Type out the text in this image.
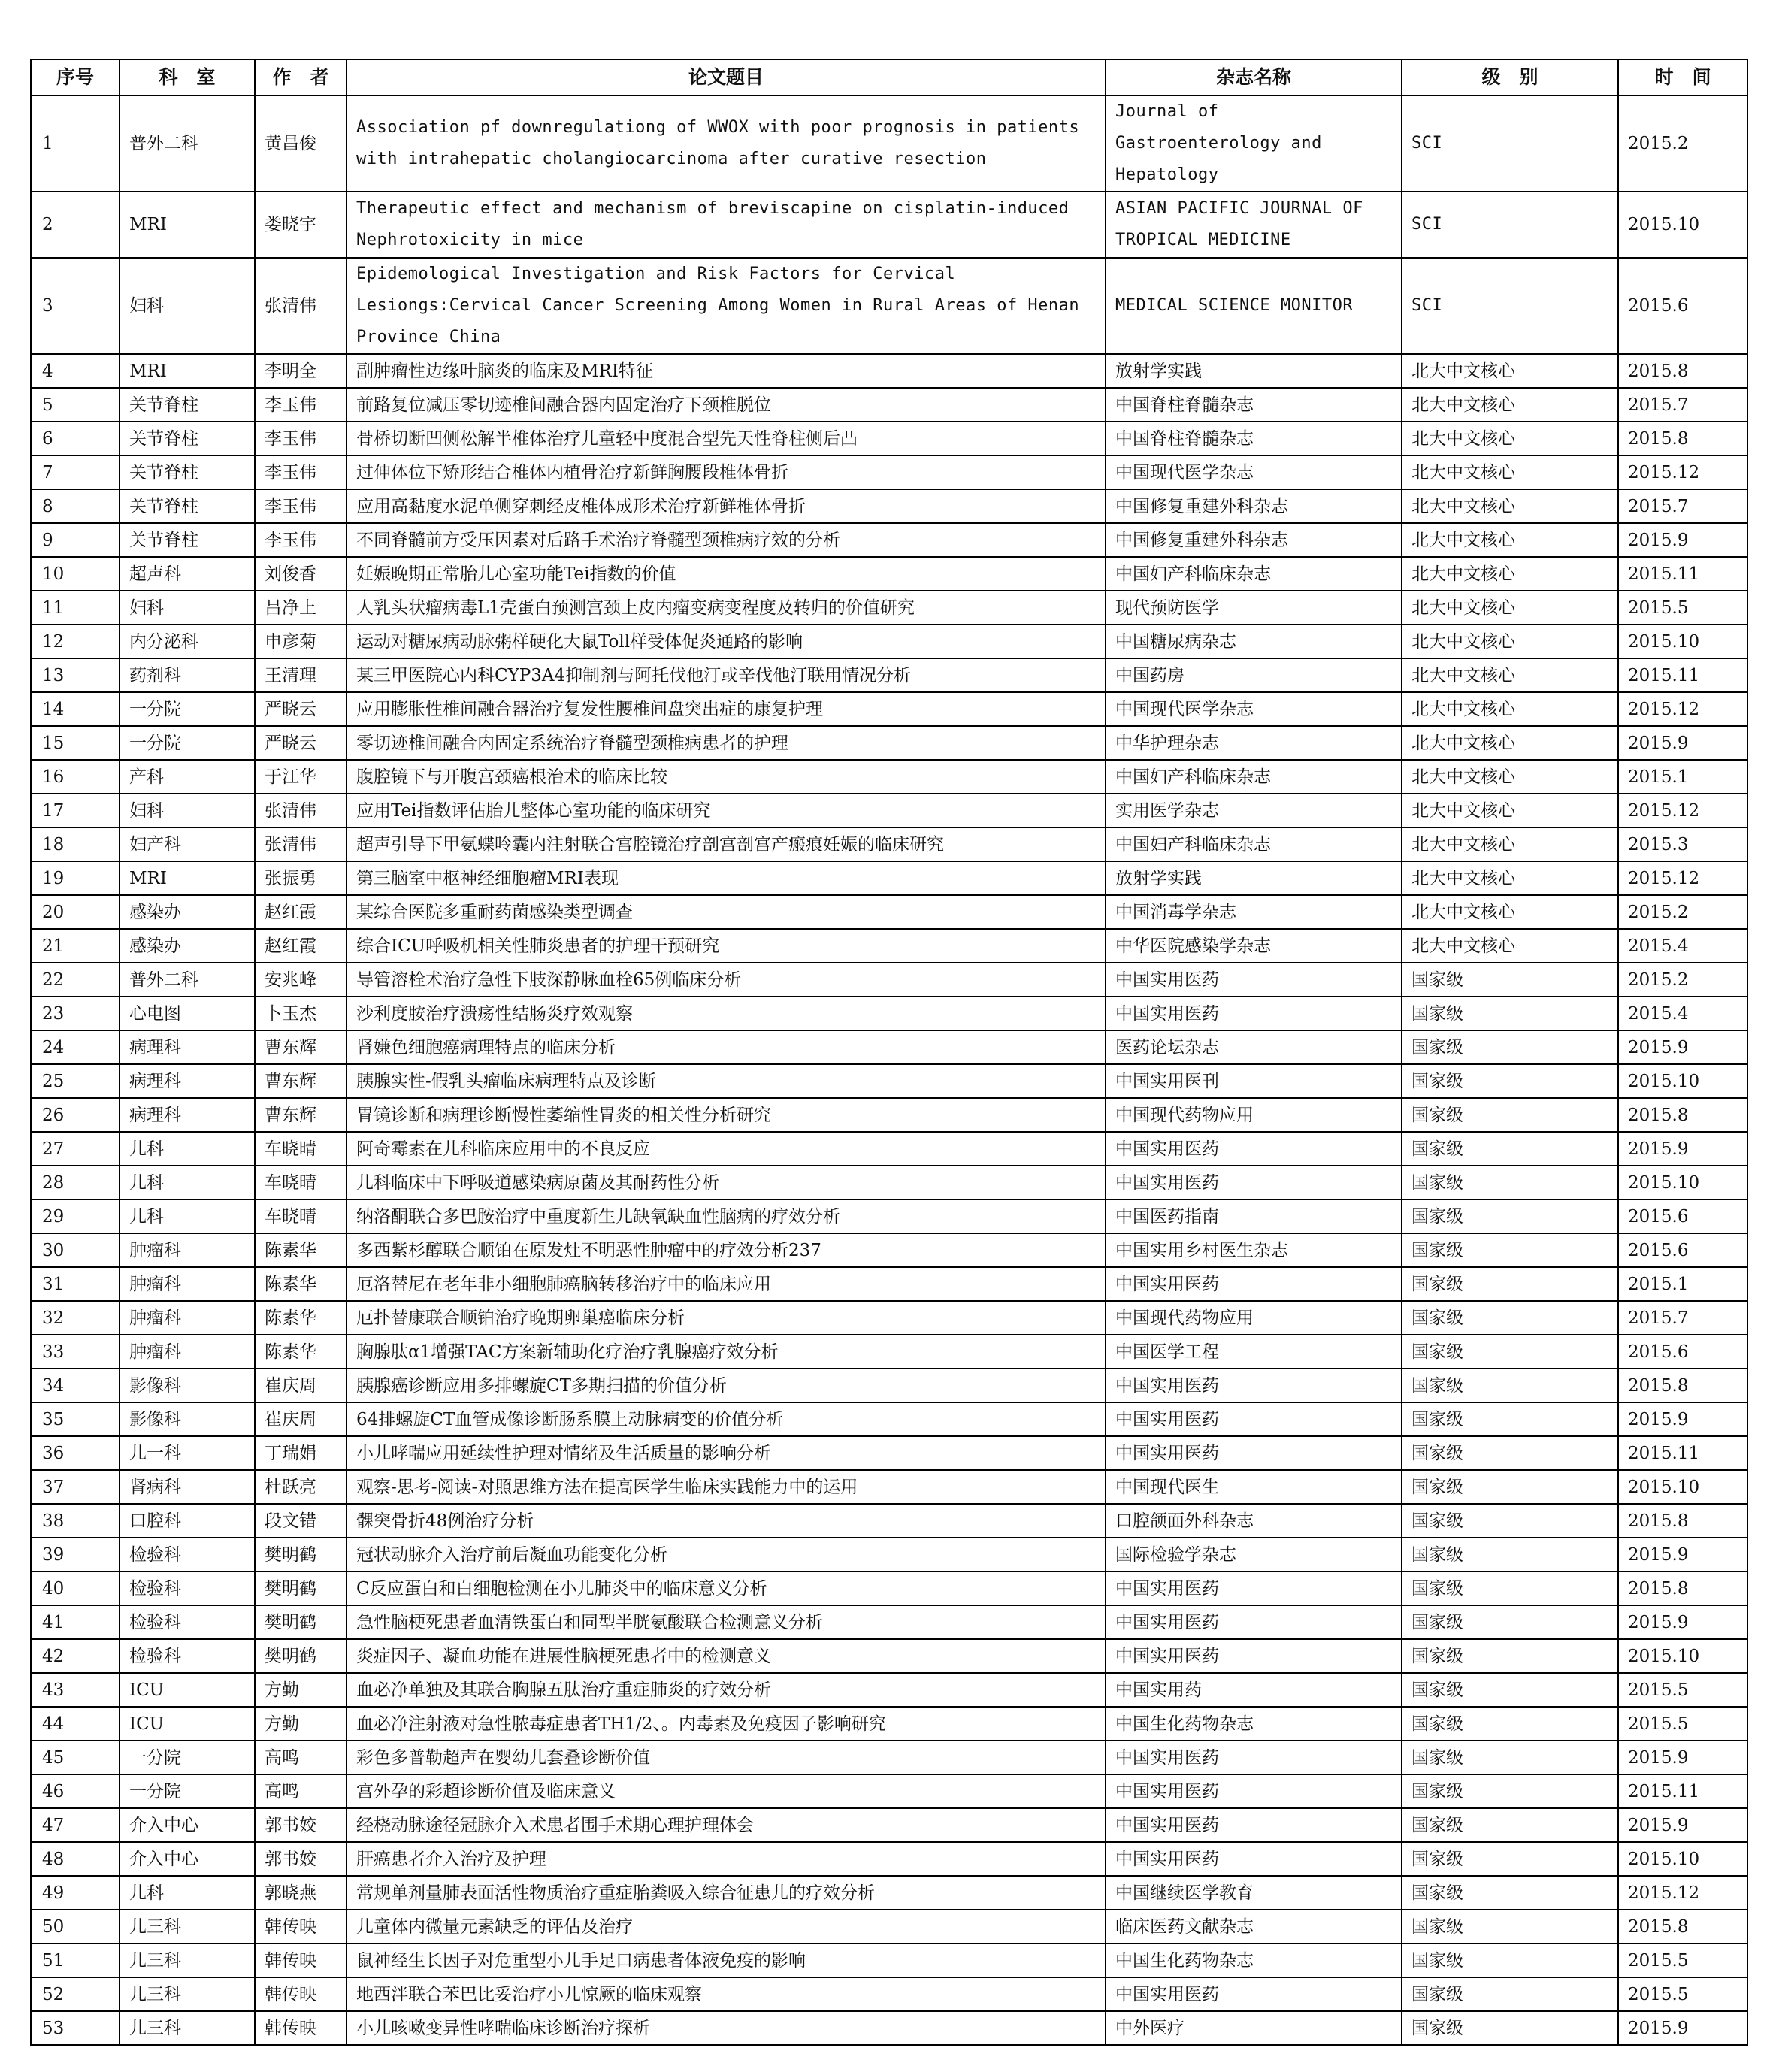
序号	科　室	作　者	论文题目	杂志名称	级　别	时　间
1	普外二科	黄昌俊	Association pf downregulationg of WWOX with poor prognosis in patients with intrahepatic cholangiocarcinoma after curative resection	Journal of Gastroenterology and Hepatology	SCI	2015.2
2	MRI	娄晓宇	Therapeutic effect and mechanism of breviscapine on cisplatin-induced Nephrotoxicity in mice	ASIAN PACIFIC JOURNAL OF TROPICAL MEDICINE	SCI	2015.10
3	妇科	张清伟	Epidemological Investigation and Risk Factors for Cervical Lesiongs:Cervical Cancer Screening Among Women in Rural Areas of Henan Province China	MEDICAL SCIENCE MONITOR	SCI	2015.6
4	MRI	李明全	副肿瘤性边缘叶脑炎的临床及MRI特征	放射学实践	北大中文核心	2015.8
5	关节脊柱	李玉伟	前路复位减压零切迹椎间融合器内固定治疗下颈椎脱位	中国脊柱脊髓杂志	北大中文核心	2015.7
6	关节脊柱	李玉伟	骨桥切断凹侧松解半椎体治疗儿童轻中度混合型先天性脊柱侧后凸	中国脊柱脊髓杂志	北大中文核心	2015.8
7	关节脊柱	李玉伟	过伸体位下矫形结合椎体内植骨治疗新鲜胸腰段椎体骨折	中国现代医学杂志	北大中文核心	2015.12
8	关节脊柱	李玉伟	应用高黏度水泥单侧穿刺经皮椎体成形术治疗新鲜椎体骨折	中国修复重建外科杂志	北大中文核心	2015.7
9	关节脊柱	李玉伟	不同脊髓前方受压因素对后路手术治疗脊髓型颈椎病疗效的分析	中国修复重建外科杂志	北大中文核心	2015.9
10	超声科	刘俊香	妊娠晚期正常胎儿心室功能Tei指数的价值	中国妇产科临床杂志	北大中文核心	2015.11
11	妇科	吕净上	人乳头状瘤病毒L1壳蛋白预测宫颈上皮内瘤变病变程度及转归的价值研究	现代预防医学	北大中文核心	2015.5
12	内分泌科	申彦菊	运动对糖尿病动脉粥样硬化大鼠Toll样受体促炎通路的影响	中国糖尿病杂志	北大中文核心	2015.10
13	药剂科	王清理	某三甲医院心内科CYP3A4抑制剂与阿托伐他汀或辛伐他汀联用情况分析	中国药房	北大中文核心	2015.11
14	一分院	严晓云	应用膨胀性椎间融合器治疗复发性腰椎间盘突出症的康复护理	中国现代医学杂志	北大中文核心	2015.12
15	一分院	严晓云	零切迹椎间融合内固定系统治疗脊髓型颈椎病患者的护理	中华护理杂志	北大中文核心	2015.9
16	产科	于江华	腹腔镜下与开腹宫颈癌根治术的临床比较	中国妇产科临床杂志	北大中文核心	2015.1
17	妇科	张清伟	应用Tei指数评估胎儿整体心室功能的临床研究	实用医学杂志	北大中文核心	2015.12
18	妇产科	张清伟	超声引导下甲氨蝶呤囊内注射联合宫腔镜治疗剖宫剖宫产瘢痕妊娠的临床研究	中国妇产科临床杂志	北大中文核心	2015.3
19	MRI	张振勇	第三脑室中枢神经细胞瘤MRI表现	放射学实践	北大中文核心	2015.12
20	感染办	赵红霞	某综合医院多重耐药菌感染类型调查	中国消毒学杂志	北大中文核心	2015.2
21	感染办	赵红霞	综合ICU呼吸机相关性肺炎患者的护理干预研究	中华医院感染学杂志	北大中文核心	2015.4
22	普外二科	安兆峰	导管溶栓术治疗急性下肢深静脉血栓65例临床分析	中国实用医药	国家级	2015.2
23	心电图	卜玉杰	沙利度胺治疗溃疡性结肠炎疗效观察	中国实用医药	国家级	2015.4
24	病理科	曹东辉	肾嫌色细胞癌病理特点的临床分析	医药论坛杂志	国家级	2015.9
25	病理科	曹东辉	胰腺实性-假乳头瘤临床病理特点及诊断	中国实用医刊	国家级	2015.10
26	病理科	曹东辉	胃镜诊断和病理诊断慢性萎缩性胃炎的相关性分析研究	中国现代药物应用	国家级	2015.8
27	儿科	车晓晴	阿奇霉素在儿科临床应用中的不良反应	中国实用医药	国家级	2015.9
28	儿科	车晓晴	儿科临床中下呼吸道感染病原菌及其耐药性分析	中国实用医药	国家级	2015.10
29	儿科	车晓晴	纳洛酮联合多巴胺治疗中重度新生儿缺氧缺血性脑病的疗效分析	中国医药指南	国家级	2015.6
30	肿瘤科	陈素华	多西紫杉醇联合顺铂在原发灶不明恶性肿瘤中的疗效分析237	中国实用乡村医生杂志	国家级	2015.6
31	肿瘤科	陈素华	厄洛替尼在老年非小细胞肺癌脑转移治疗中的临床应用	中国实用医药	国家级	2015.1
32	肿瘤科	陈素华	厄扑替康联合顺铂治疗晚期卵巢癌临床分析	中国现代药物应用	国家级	2015.7
33	肿瘤科	陈素华	胸腺肽α1增强TAC方案新辅助化疗治疗乳腺癌疗效分析	中国医学工程	国家级	2015.6
34	影像科	崔庆周	胰腺癌诊断应用多排螺旋CT多期扫描的价值分析	中国实用医药	国家级	2015.8
35	影像科	崔庆周	64排螺旋CT血管成像诊断肠系膜上动脉病变的价值分析	中国实用医药	国家级	2015.9
36	儿一科	丁瑞娟	小儿哮喘应用延续性护理对情绪及生活质量的影响分析	中国实用医药	国家级	2015.11
37	肾病科	杜跃亮	观察-思考-阅读-对照思维方法在提高医学生临床实践能力中的运用	中国现代医生	国家级	2015.10
38	口腔科	段文错	髁突骨折48例治疗分析	口腔颌面外科杂志	国家级	2015.8
39	检验科	樊明鹤	冠状动脉介入治疗前后凝血功能变化分析	国际检验学杂志	国家级	2015.9
40	检验科	樊明鹤	C反应蛋白和白细胞检测在小儿肺炎中的临床意义分析	中国实用医药	国家级	2015.8
41	检验科	樊明鹤	急性脑梗死患者血清铁蛋白和同型半胱氨酸联合检测意义分析	中国实用医药	国家级	2015.9
42	检验科	樊明鹤	炎症因子、凝血功能在进展性脑梗死患者中的检测意义	中国实用医药	国家级	2015.10
43	ICU	方勤	血必净单独及其联合胸腺五肽治疗重症肺炎的疗效分析	中国实用药	国家级	2015.5
44	ICU	方勤	血必净注射液对急性脓毒症患者TH1/2、。内毒素及免疫因子影响研究	中国生化药物杂志	国家级	2015.5
45	一分院	高鸣	彩色多普勒超声在婴幼儿套叠诊断价值	中国实用医药	国家级	2015.9
46	一分院	高鸣	宫外孕的彩超诊断价值及临床意义	中国实用医药	国家级	2015.11
47	介入中心	郭书姣	经桡动脉途径冠脉介入术患者围手术期心理护理体会	中国实用医药	国家级	2015.9
48	介入中心	郭书姣	肝癌患者介入治疗及护理	中国实用医药	国家级	2015.10
49	儿科	郭晓燕	常规单剂量肺表面活性物质治疗重症胎粪吸入综合征患儿的疗效分析	中国继续医学教育	国家级	2015.12
50	儿三科	韩传映	儿童体内微量元素缺乏的评估及治疗	临床医药文献杂志	国家级	2015.8
51	儿三科	韩传映	鼠神经生长因子对危重型小儿手足口病患者体液免疫的影响	中国生化药物杂志	国家级	2015.5
52	儿三科	韩传映	地西泮联合苯巴比妥治疗小儿惊厥的临床观察	中国实用医药	国家级	2015.5
53	儿三科	韩传映	小儿咳嗽变异性哮喘临床诊断治疗探析	中外医疗	国家级	2015.9
